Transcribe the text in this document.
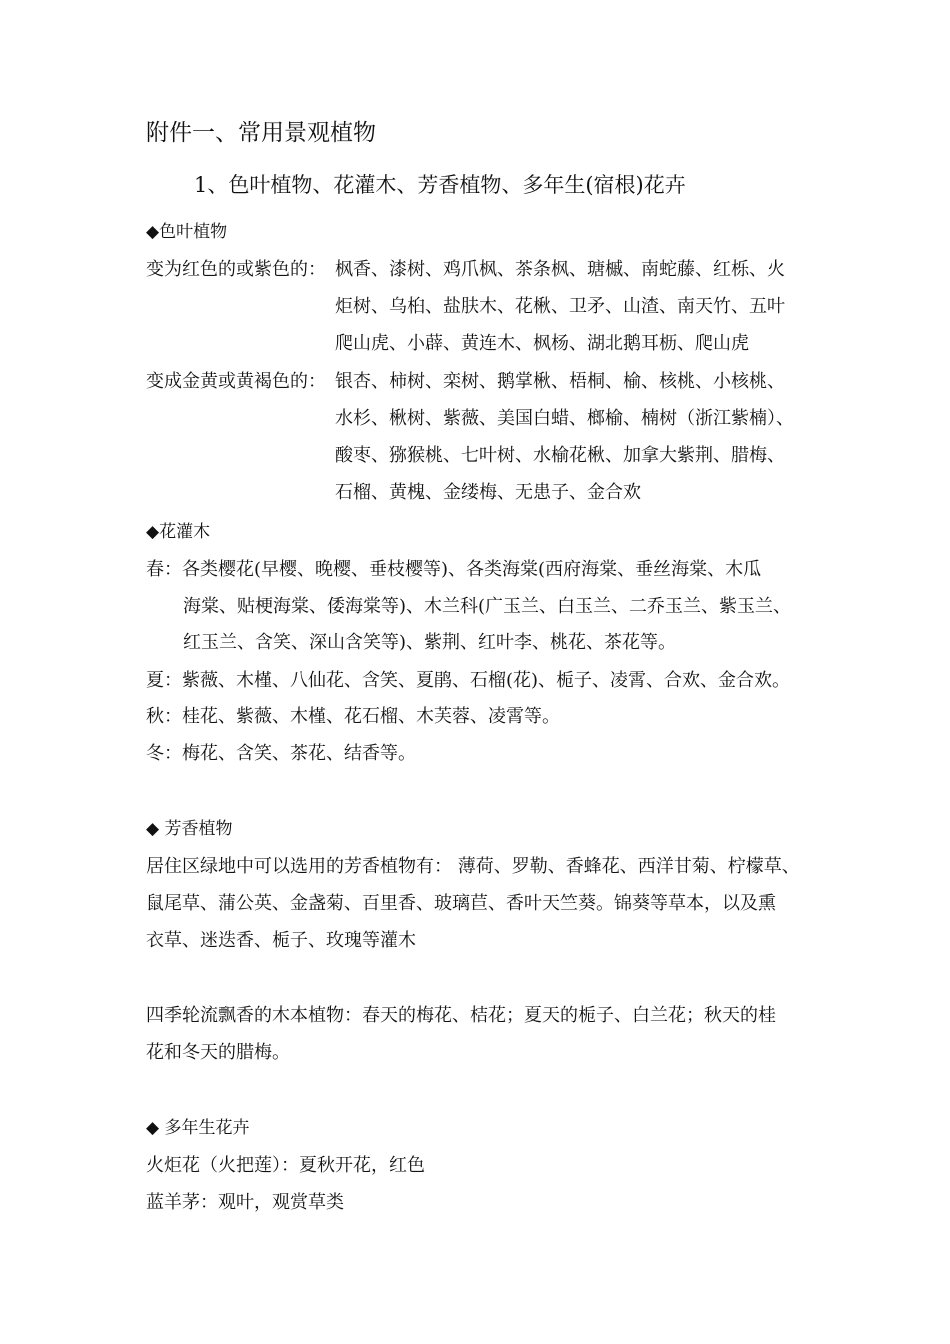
附件一、常用景观植物
1、色叶植物、花灌木、芳香植物、多年生(宿根)花卉
◆色叶植物
变为红色的或紫色的： 枫香、漆树、鸡爪枫、茶条枫、瑭槭、南蛇藤、红栎、火
炬树、乌桕、盐肤木、花楸、卫矛、山渣、南天竹、五叶
爬山虎、小薜、黄连木、枫杨、湖北鹅耳枥、爬山虎
变成金黄或黄褐色的： 银杏、柿树、栾树、鹅掌楸、梧桐、榆、核桃、小核桃、
水杉、楸树、紫薇、美国白蜡、榔榆、楠树（浙江紫楠）、
酸枣、猕猴桃、七叶树、水榆花楸、加拿大紫荆、腊梅、
石榴、黄槐、金缕梅、无患子、金合欢
◆花灌木
春：各类樱花(早樱、晚樱、垂枝樱等)、各类海棠(西府海棠、垂丝海棠、木瓜
海棠、贴梗海棠、倭海棠等)、木兰科(广玉兰、白玉兰、二乔玉兰、紫玉兰、
红玉兰、含笑、深山含笑等)、紫荆、红叶李、桃花、茶花等。
夏：紫薇、木槿、八仙花、含笑、夏鹃、石榴(花)、栀子、凌霄、合欢、金合欢。
秋：桂花、紫薇、木槿、花石榴、木芙蓉、凌霄等。
冬：梅花、含笑、茶花、结香等。
◆ 芳香植物
居住区绿地中可以选用的芳香植物有： 薄荷、罗勒、香蜂花、西洋甘菊、柠檬草、
鼠尾草、蒲公英、金盏菊、百里香、玻璃苣、香叶天竺葵。锦葵等草本，以及熏
衣草、迷迭香、栀子、玫瑰等灌木
四季轮流飘香的木本植物：春天的梅花、桔花；夏天的栀子、白兰花；秋天的桂
花和冬天的腊梅。
◆ 多年生花卉
火炬花（火把莲）：夏秋开花，红色
蓝羊茅：观叶，观赏草类
